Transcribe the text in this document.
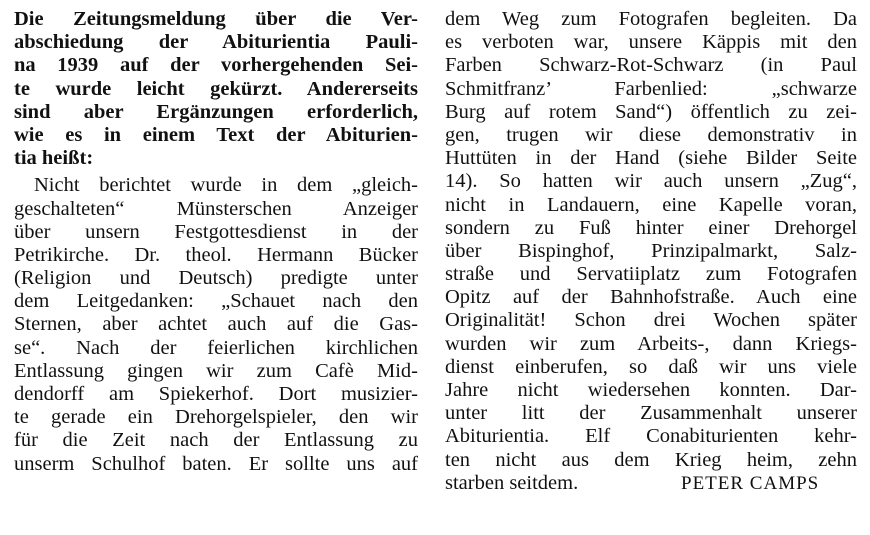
Die Zeitungsmeldung über die Ver-
abschiedung der Abiturientia Pauli-
na 1939 auf der vorhergehenden Sei-
te wurde leicht gekürzt. Andererseits
sind aber Ergänzungen erforderlich,
wie es in einem Text der Abiturien-
tia heißt:
Nicht berichtet wurde in dem „gleich-
geschalteten“ Münsterschen Anzeiger
über unsern Festgottesdienst in der
Petrikirche. Dr. theol. Hermann Bücker
(Religion und Deutsch) predigte unter
dem Leitgedanken: „Schauet nach den
Sternen, aber achtet auch auf die Gas-
se“. Nach der feierlichen kirchlichen
Entlassung gingen wir zum Cafè Mid-
dendorff am Spiekerhof. Dort musizier-
te gerade ein Drehorgelspieler, den wir
für die Zeit nach der Entlassung zu
unserm Schulhof baten. Er sollte uns auf
dem Weg zum Fotografen begleiten. Da
es verboten war, unsere Käppis mit den
Farben Schwarz-Rot-Schwarz (in Paul
Schmitfranz’ Farbenlied: „schwarze
Burg auf rotem Sand“) öffentlich zu zei-
gen, trugen wir diese demonstrativ in
Huttüten in der Hand (siehe Bilder Seite
14). So hatten wir auch unsern „Zug“,
nicht in Landauern, eine Kapelle voran,
sondern zu Fuß hinter einer Drehorgel
über Bispinghof, Prinzipalmarkt, Salz-
straße und Servatiiplatz zum Fotografen
Opitz auf der Bahnhofstraße. Auch eine
Originalität! Schon drei Wochen später
wurden wir zum Arbeits-, dann Kriegs-
dienst einberufen, so daß wir uns viele
Jahre nicht wiedersehen konnten. Dar-
unter litt der Zusammenhalt unserer
Abiturientia. Elf Conabiturienten kehr-
ten nicht aus dem Krieg heim, zehn
starben seitdem.	PETER CAMPS
